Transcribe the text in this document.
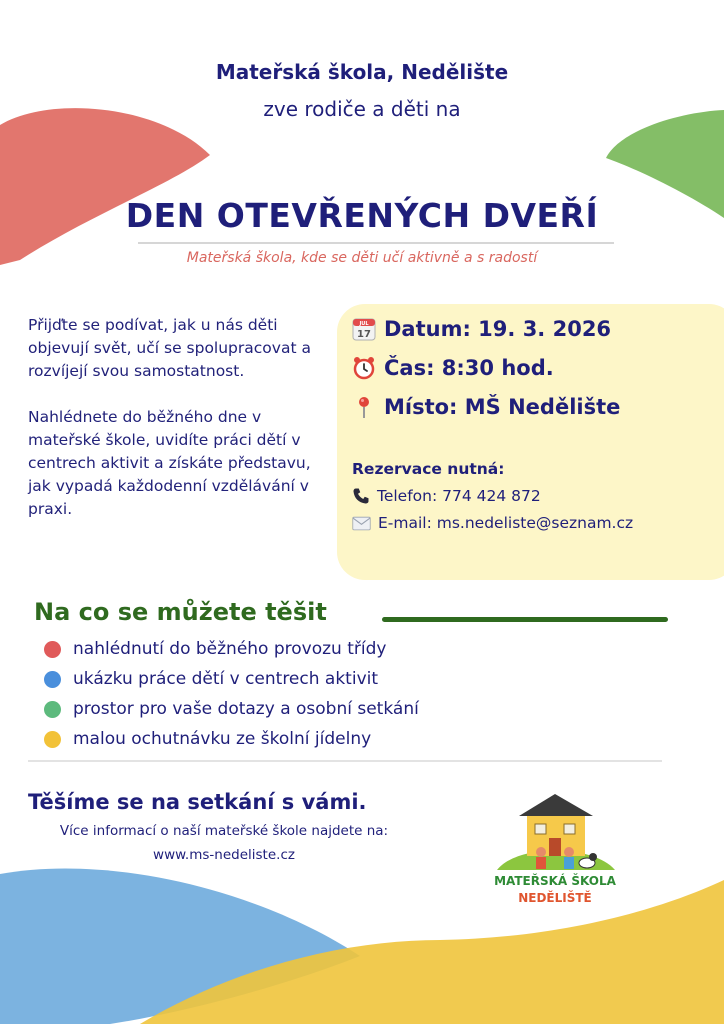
Mateřská škola, Nedělište
zve rodiče a děti na
DEN OTEVŘENÝCH DVEŘÍ
Mateřská škola, kde se děti učí aktivně a s radostí

Přijďte se podívat, jak u nás děti objevují svět, učí se spolupracovat a rozvíjejí svou samostatnost.

Nahlédnete do běžného dne v mateřské škole, uvidíte práci dětí v centrech aktivit a získáte představu, jak vypadá každodenní vzdělávání v praxi.

JUL
17 Datum: 19. 3. 2026
Čas: 8:30 hod.
Místo: MŠ Nedělište
Rezervace nutná:
Telefon: 774 424 872
E-mail: ms.nedeliste@seznam.cz
Na co se můžete těšit
nahlédnutí do běžného provozu třídy
ukázku práce dětí v centrech aktivit
prostor pro vaše dotazy a osobní setkání
malou ochutnávku ze školní jídelny
Těšíme se na setkání s vámi.
Více informací o naší mateřské škole najdete na:
www.ms-nedeliste.cz
MATEŘSKÁ ŠKOLA
NEDĚLIŠTĚ
